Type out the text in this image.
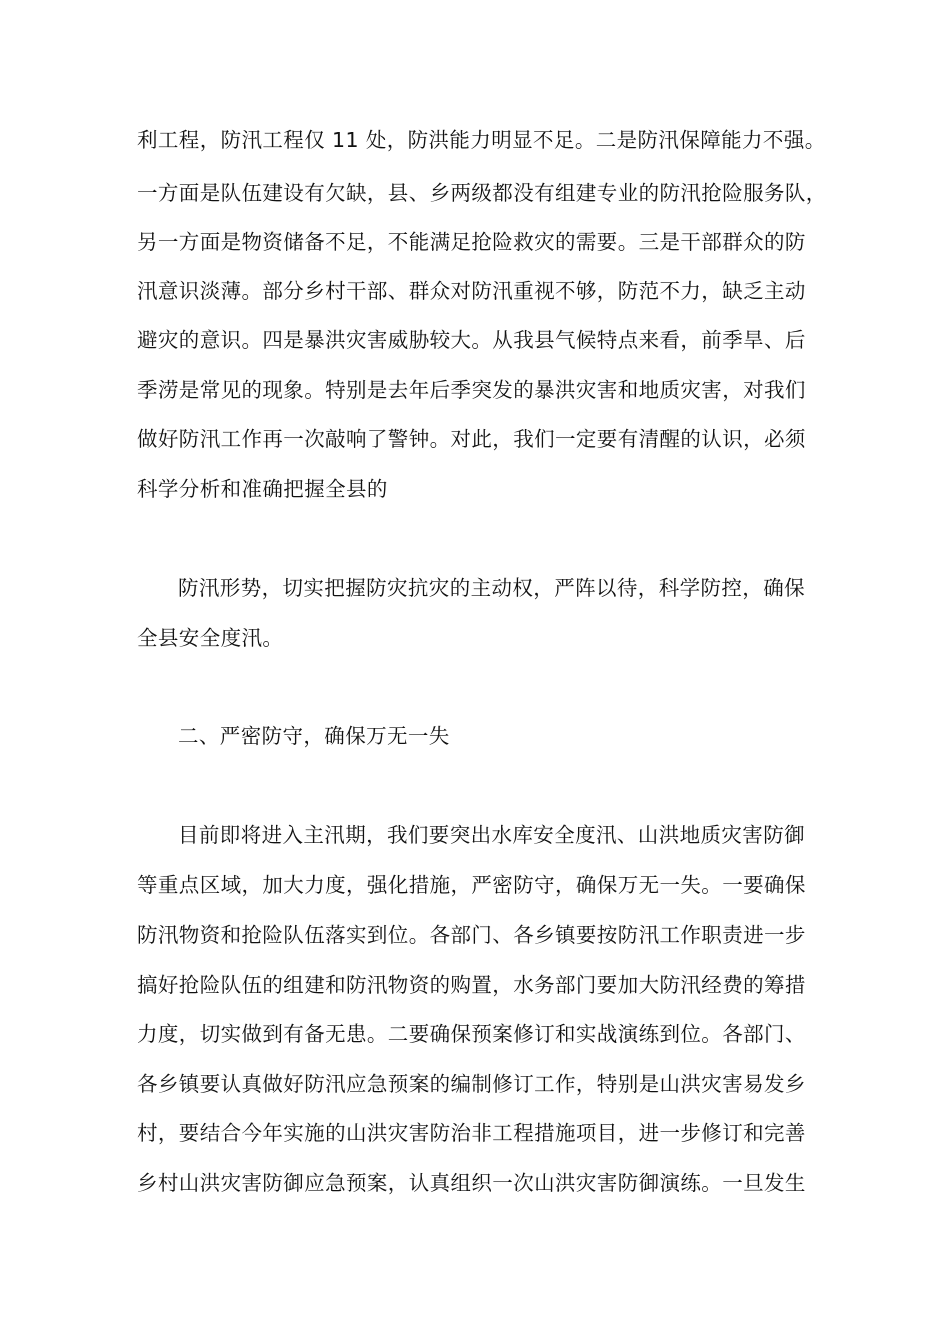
利工程，防汛工程仅 11 处，防洪能力明显不足。二是防汛保障能力不强。
一方面是队伍建设有欠缺，县、乡两级都没有组建专业的防汛抢险服务队，
另一方面是物资储备不足，不能满足抢险救灾的需要。三是干部群众的防
汛意识淡薄。部分乡村干部、群众对防汛重视不够，防范不力，缺乏主动
避灾的意识。四是暴洪灾害威胁较大。从我县气候特点来看，前季旱、后
季涝是常见的现象。特别是去年后季突发的暴洪灾害和地质灾害，对我们
做好防汛工作再一次敲响了警钟。对此，我们一定要有清醒的认识，必须
科学分析和准确把握全县的
防汛形势，切实把握防灾抗灾的主动权，严阵以待，科学防控，确保
全县安全度汛。
二、严密防守，确保万无一失
目前即将进入主汛期，我们要突出水库安全度汛、山洪地质灾害防御
等重点区域，加大力度，强化措施，严密防守，确保万无一失。一要确保
防汛物资和抢险队伍落实到位。各部门、各乡镇要按防汛工作职责进一步
搞好抢险队伍的组建和防汛物资的购置，水务部门要加大防汛经费的筹措
力度，切实做到有备无患。二要确保预案修订和实战演练到位。各部门、
各乡镇要认真做好防汛应急预案的编制修订工作，特别是山洪灾害易发乡
村，要结合今年实施的山洪灾害防治非工程措施项目，进一步修订和完善
乡村山洪灾害防御应急预案，认真组织一次山洪灾害防御演练。一旦发生
